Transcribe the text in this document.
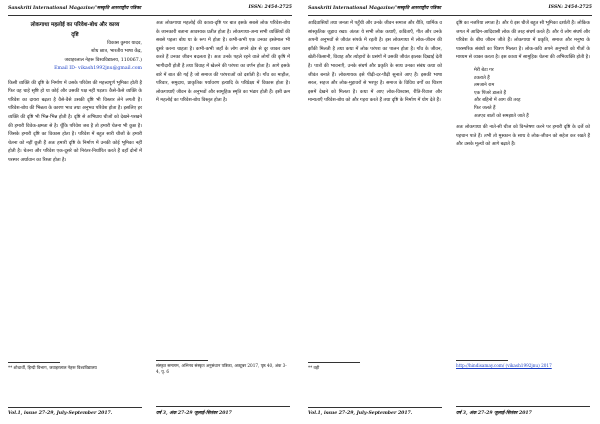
Sanskriti International Magazine/'सस्कृति अतरराष्ट्रीय पत्रिका	ISSN: 2454-2725

लोकगाथा महलोई का परिवेश-बोध और काव्य

दृष्टि

विकास कुमार यादव,

शोध छात्र, भारतीय भाषा केंद्र,

जवाहरलाल नेहरू विश्वविद्यालय, 110067.)

Email ID- vikash1992jnu@gmail.com

किसी व्यक्ति की दृष्टि के निर्माण में उसके परिवेश की महत्त्वपूर्ण भूमिका होती है फिर वह चाहे सृष्टि हो या कोई और उसकी पक्ष नहीं पड़ता। कैसे-कैसे व्यक्ति के परिवेश का दायरा बढ़ता है वैसे-वैसे उसकी दृष्टि भी विस्तार लेने लगती है। परिवेश-बोध की भिन्नता के कारण भाव तथा अनुभव परिवेश होता है। इसलिए हर व्यक्ति की दृष्टि भी भिन्न-भिन्न होती है। दृष्टि से अभिप्राय चीजों को देखने-परखने की हमारी विवेक-क्षमता से है। चूँकि परिवेश जब है तो हमारी चेतना भी कुछ है। जिसके हमारी दृष्टि का विकास होता है। परिवेश में बहुत सारी चीजों के हमारी चेतना को नहीं छूती हैं अतः हमारी दृष्टि के निर्माण में उनकी कोई भूमिका नहीं होती है। चेतना और परिवेश एक-दूसरे को निरंतर-निर्धारित करते हैं वहाँ दोनों में परस्पर अर्थावान का रिश्ता होता है।

अतः लोकगाथा महलोई की काव्य-दृष्टि पर बात इसके सबसे लोक परिवेश-बोध के जानकारी बताना आवश्यक प्रतीत होता है। लोकगाथा-अन्य सभी व्यक्तियों की सबसे पहला बोध या के रूप में होता है। कभी-कभी एक उनका इस्तेमाल भी दूसरे करना चाहता है। कभी-कभी जहाँ के लोग अपने क्षेत्र से दूर जाकर काम करते हैं उनका जीवन बदलता है। अतः उनके पहले रहने वाले लोगों की कृषि में भागीदारी होती है तथा विवाह में खेलने की परंपरा का वर्णन होता है। आगे इसके बारे में बात की गई है जो समाज की परंपराओं को दर्शाती है। गाँव का माहौल, परिवार, समुदाय, प्राकृतिक पर्यावरण इत्यादि के परिप्रेक्ष्य में विकास होता है। लोकगाथाएँ जीवन के अनुभवों और सामूहिक स्मृति का भंडार होती हैं। इसी क्रम में महलोई का परिवेश-बोध विस्तृत होता है।

** शोधार्थी, हिन्दी विभाग, जवाहरलाल नेहरू विश्वविद्यालय	संस्कृत समागम, अभिनव संस्कृत अनुसंधान पत्रिका, अक्टूबर 2017, पृष्ठ 40, अंक 3-4, पृ. 6
Vol.1, issue 27-29, July-September 2017.	वर्ष 3, अंक 27-29 जुलाई-सितंबर 2017
Sanskriti International Magazine/'सस्कृति अतरराष्ट्रीय पत्रिका	ISSN: 2454-2725

आदिवासियों तथा जनता में पहुँची और उनके जीवन समाज और रीति, धार्मिक व सांस्कृतिक जुड़ाव रखा। अंततः ये सभी लोक कथाएँ, कविताएँ, गीत और उनके अपनी अनुभवों से जीवंत संपर्क में रहती है। इस लोकगाथा में लोक-जीवन की झाँकी मिलती है तथा कथा में लोक परंपरा का पालन होता है। गाँव के जीवन, खेती-किसानी, विवाह और त्योहारों के प्रसंगों में उसकी जीवंत झलक दिखाई देती है। पात्रों की भावनाएँ, उनके संघर्ष और प्रकृति के साथ उनका संबंध कथा को जीवंत बनाते हैं। लोकगायक इसे पीढ़ी-दर-पीढ़ी सुनाते आए हैं। इसकी भाषा सरल, सहज और लोक-मुहावरों से भरपूर है। समाज के विविध वर्गों का चित्रण इसमें देखने को मिलता है। कथा में आए लोक-विश्वास, रीति-रिवाज और मान्यताएँ परिवेश-बोध को और गहरा करते हैं तथा दृष्टि के निर्माण में योग देते हैं।

दृष्टि का नजरिया लगता है। और ये इस चीजें बहुत सी भूमिका दर्शाती हैं। लोकिक जगत में आदिम-आदिवासी लोक की तरह संघर्ष करते हैं। और ये लोग संघर्ष और परिवेश के बीच जीवन जीते हैं। लोकगाथा में प्रकृति, समाज और मनुष्य के पारस्परिक संबंधों का चित्रण मिलता है। लोक-कवि अपने अनुभवों को गीतों के माध्यम से व्यक्त करता है। इस काव्य में सामूहिक चेतना की अभिव्यक्ति होती है।

मेरी बेटा गर
टकराते हैं
तमजाने राम
एक पिंजरे डालते हैं
और बहिनो में आग की तरह
फिर जलते हैं
अतएव बातों को समझाते जाते हैं

अतः लोकगाथा की नाते-सी चीज को विश्लेषण करने पर हमारी दृष्टि के दर्जे को पहचान पाते हैं। तभी तो मुस्कान के साथ वे लोक-जीवन को सहेज कर रखते हैं और उसके मूल्यों को आगे बढ़ाते हैं।

** वही	http://hindisamay.com/ (vikash1992jnu) 2017
Vol.1, issue 27-29, July-September 2017.	वर्ष 3, अंक 27-29 जुलाई-सितंबर 2017
